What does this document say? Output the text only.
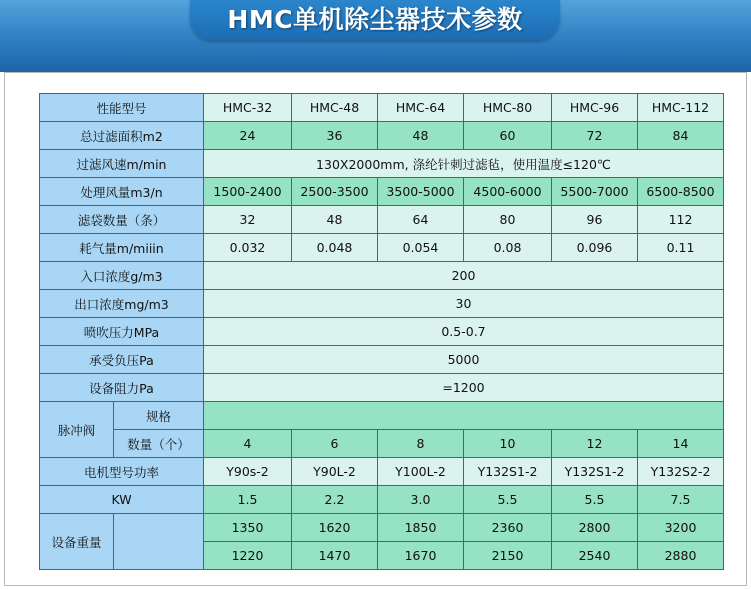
HMC单机除尘器技术参数
性能型号		HMC-32	HMC-48	HMC-64	HMC-80	HMC-96	HMC-112
总过滤面积m2		24	36	48	60	72	84
过滤风速m/min		130X2000mm, 涤纶针刺过滤毡，使用温度≤120℃					
处理风量m3/n		1500-2400	2500-3500	3500-5000	4500-6000	5500-7000	6500-8500
滤袋数量（条）		32	48	64	80	96	112
耗气量m/miiin		0.032	0.048	0.054	0.08	0.096	0.11
入口浓度g/m3		200					
出口浓度mg/m3		30					
喷吹压力MPa		0.5-0.7					
承受负压Pa		5000					
设备阻力Pa		=1200					
脉冲阀	规格						
	数量（个）	4	6	8	10	12	14
电机型号功率		Y90s-2	Y90L-2	Y100L-2	Y132S1-2	Y132S1-2	Y132S2-2
KW		1.5	2.2	3.0	5.5	5.5	7.5
设备重量		1350	1620	1850	2360	2800	3200
		1220	1470	1670	2150	2540	2880
